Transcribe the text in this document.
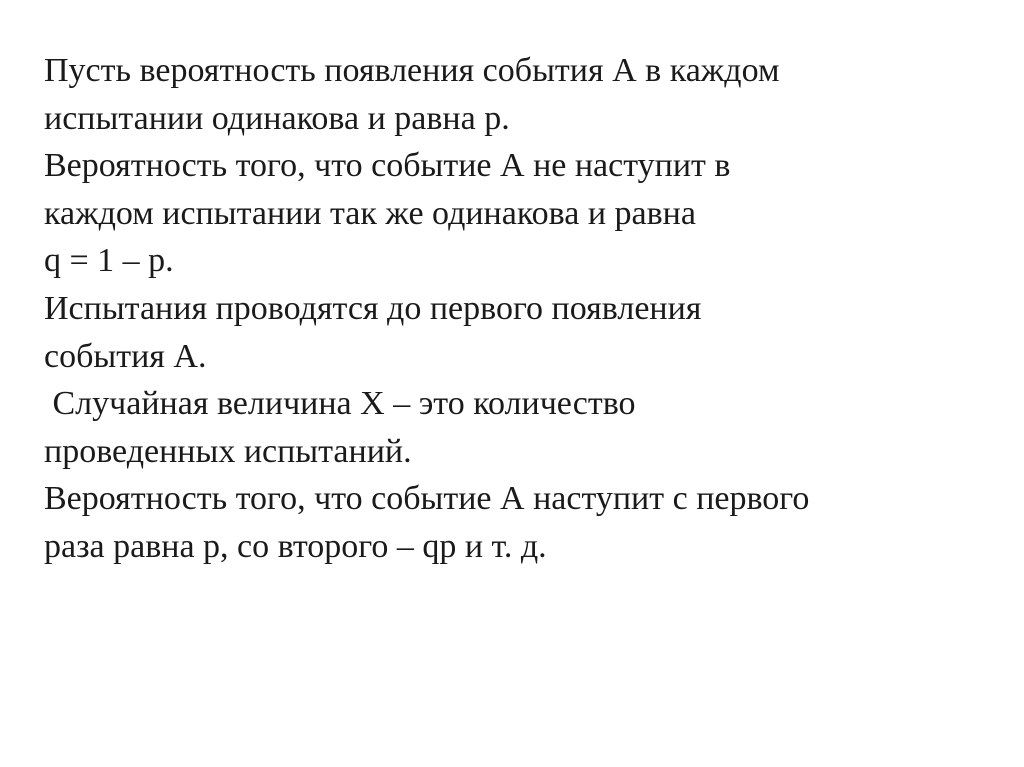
Пусть вероятность появления события А в каждом
испытании одинакова и равна р.
Вероятность того, что событие А не наступит в
каждом испытании так же одинакова и равна
q = 1 – р.
Испытания проводятся до первого появления
события А.
Случайная величина Х – это количество
проведенных испытаний.
Вероятность того, что событие А наступит с первого
раза равна р, со второго – qр и т. д.
